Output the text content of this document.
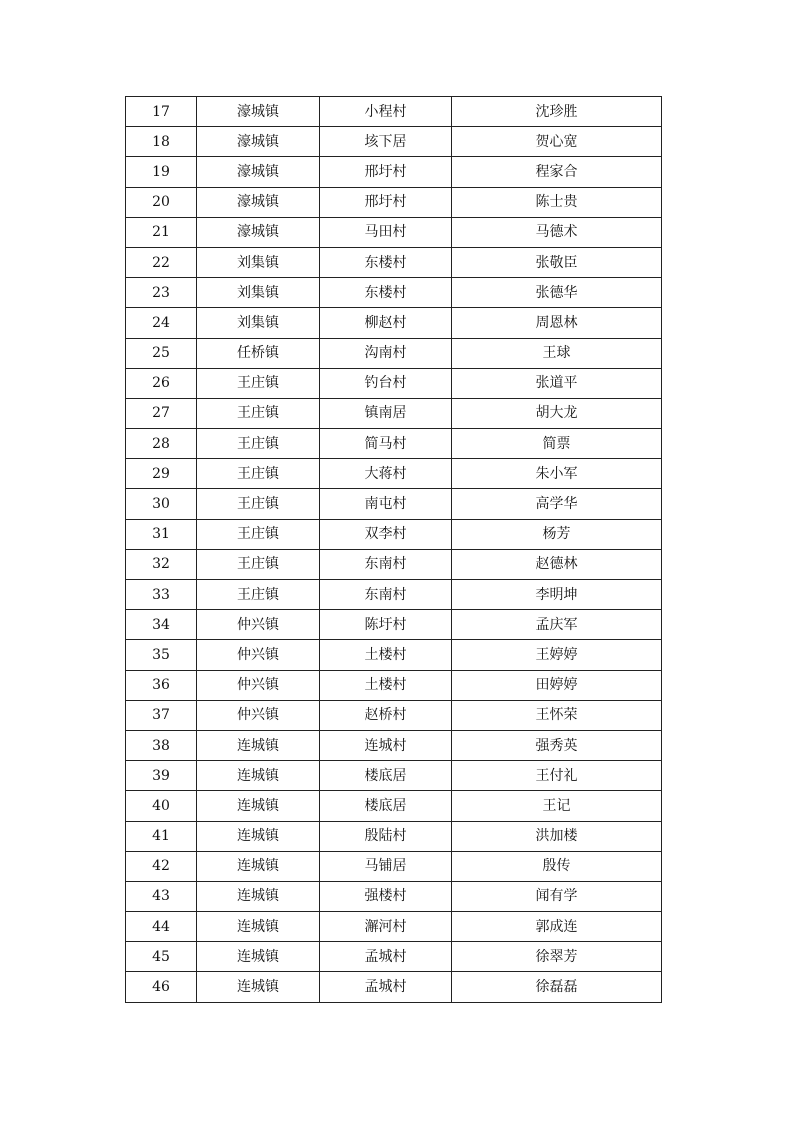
17	濠城镇	小程村	沈珍胜
18	濠城镇	垓下居	贺心宽
19	濠城镇	邢圩村	程家合
20	濠城镇	邢圩村	陈士贵
21	濠城镇	马田村	马德术
22	刘集镇	东楼村	张敬臣
23	刘集镇	东楼村	张德华
24	刘集镇	柳赵村	周恩林
25	任桥镇	沟南村	王球
26	王庄镇	钓台村	张道平
27	王庄镇	镇南居	胡大龙
28	王庄镇	简马村	简票
29	王庄镇	大蒋村	朱小军
30	王庄镇	南屯村	高学华
31	王庄镇	双李村	杨芳
32	王庄镇	东南村	赵德林
33	王庄镇	东南村	李明坤
34	仲兴镇	陈圩村	孟庆军
35	仲兴镇	土楼村	王婷婷
36	仲兴镇	土楼村	田婷婷
37	仲兴镇	赵桥村	王怀荣
38	连城镇	连城村	强秀英
39	连城镇	楼底居	王付礼
40	连城镇	楼底居	王记
41	连城镇	殷陆村	洪加楼
42	连城镇	马铺居	殷传
43	连城镇	强楼村	闻有学
44	连城镇	澥河村	郭成连
45	连城镇	孟城村	徐翠芳
46	连城镇	孟城村	徐磊磊
